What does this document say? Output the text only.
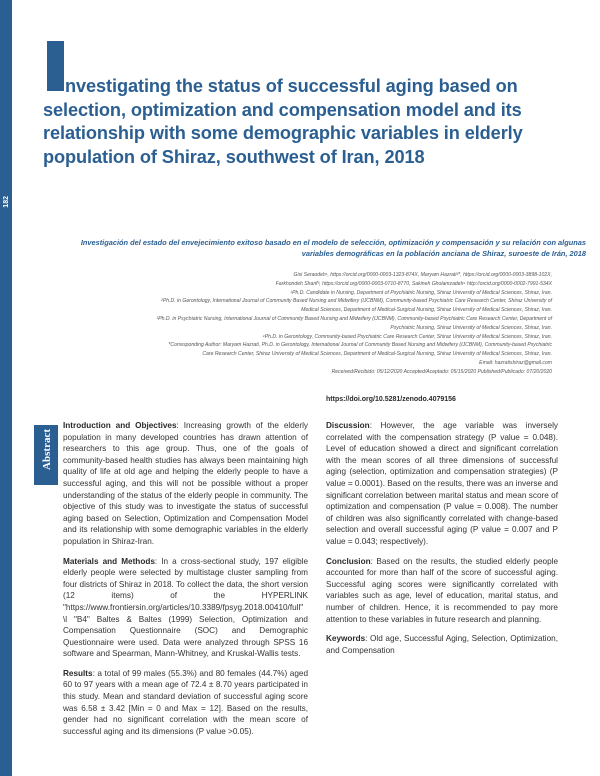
182
nvestigating the status of successful aging based on selection, optimization and compensation model and its relationship with some demographic variables in elderly population of Shiraz, southwest of Iran, 2018

Investigación del estado del envejecimiento exitoso basado en el modelo de selección, optimización y compensación y su relación con algunas variables demográficas en la población anciana de Shiraz, suroeste de Irán, 2018

Gisi Seraodeh¹, https://orcid.org/0000-0003-1323-874X, Maryam Hazrati²*, https://orcid.org/0000-0003-3898-102X,

Farkhondeh Sharif³, https://orcid.org/0000-0003-0710-8770, Sakineh Gholamzadeh⁴ http://orcid.org/0000-0002-7991-534X

¹Ph.D. Candidate in Nursing, Department of Psychiatric Nursing, Shiraz University of Medical Sciences, Shiraz, Iran.

²Ph.D. in Gerontology, International Journal of Community Based Nursing and Midwifery (IJCBNM), Community-based Psychiatric Care Research Center, Shiraz University of

Medical Sciences, Department of Medical-Surgical Nursing, Shiraz University of Medical Sciences, Shiraz, Iran.

³Ph.D. in Psychiatric Nursing, International Journal of Community Based Nursing and Midwifery (IJCBNM), Community-based Psychiatric Care Research Center, Department of

Psychiatric Nursing, Shiraz University of Medical Sciences, Shiraz, Iran.

⁴Ph.D. in Gerontology, Community-based Psychiatric Care Research Center, Shiraz University of Medical Sciences, Shiraz, Iran.

*Corresponding Author: Maryam Hazrati, Ph.D. in Gerontology, International Journal of Community Based Nursing and Midwifery (IJCBNM), Community-based Psychiatric

Care Research Center, Shiraz University of Medical Sciences, Department of Medical-Surgical Nursing, Shiraz University of Medical Sciences, Shiraz, Iran.

Email: hazratishiraz@gmail.com

Received/Recibido: 05/12/2020 Accepted/Aceptado: 05/15/2020 Published/Publicado: 07/20/2020

https://doi.org/10.5281/zenodo.4079156
Abstract

Introduction and Objectives: Increasing growth of the elderly population in many developed countries has drawn attention of researchers to this age group. Thus, one of the goals of community-based health studies has always been maintaining high quality of life at old age and helping the elderly people to have a successful aging, and this will not be possible without a proper understanding of the status of the elderly people in community. The objective of this study was to investigate the status of successful aging based on Selection, Optimization and Compensation Model and its relationship with some demographic variables in the elderly population in Shiraz-Iran.

Materials and Methods: In a cross-sectional study, 197 eligible elderly people were selected by multistage cluster sampling from four districts of Shiraz in 2018. To collect the data, the short version (12 items) of the HYPERLINK "https://www.frontiersin.org/articles/10.3389/fpsyg.2018.00410/full" \l "B4" Baltes & Baltes (1999) Selection, Optimization and Compensation Questionnaire (SOC) and Demographic Questionnaire were used. Data were analyzed through SPSS 16 software and Spearman, Mann-Whitney, and Kruskal-Wallis tests.

Results: a total of 99 males (55.3%) and 80 females (44.7%) aged 60 to 97 years with a mean age of 72.4 ± 8.70 years participated in this study. Mean and standard deviation of successful aging score was 6.58 ± 3.42 [Min = 0 and Max = 12]. Based on the results, gender had no significant correlation with the mean score of successful aging and its dimensions (P value >0.05).

Discussion: However, the age variable was inversely correlated with the compensation strategy (P value = 0.048). Level of education showed a direct and significant correlation with the mean scores of all three dimensions of successful aging (selection, optimization and compensation strategies) (P value = 0.0001). Based on the results, there was an inverse and significant correlation between marital status and mean score of optimization and compensation (P value = 0.008). The number of children was also significantly correlated with change-based selection and overall successful aging (P value = 0.007 and P value = 0.043; respectively).

Conclusion: Based on the results, the studied elderly people accounted for more than half of the score of successful aging. Successful aging scores were significantly correlated with variables such as age, level of education, marital status, and number of children. Hence, it is recommended to pay more attention to these variables in future research and planning.

Keywords: Old age, Successful Aging, Selection, Optimization, and Compensation
